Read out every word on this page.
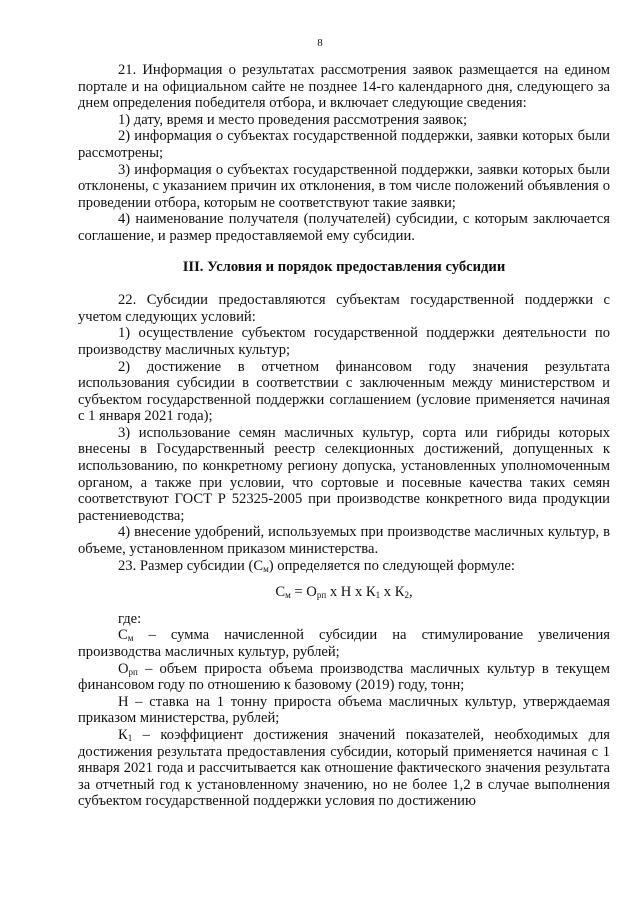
8

21. Информация о результатах рассмотрения заявок размещается на едином портале и на официальном сайте не позднее 14-го календарного дня, следующего за днем определения победителя отбора, и включает следующие сведения:

1) дату, время и место проведения рассмотрения заявок;

2) информация о субъектах государственной поддержки, заявки которых были рассмотрены;

3) информация о субъектах государственной поддержки, заявки которых были отклонены, с указанием причин их отклонения, в том числе положений объявления о проведении отбора, которым не соответствуют такие заявки;

4) наименование получателя (получателей) субсидии, с которым заключается соглашение, и размер предоставляемой ему субсидии.

III. Условия и порядок предоставления субсидии

22. Субсидии предоставляются субъектам государственной поддержки с учетом следующих условий:

1) осуществление субъектом государственной поддержки деятельности по производству масличных культур;

2) достижение в отчетном финансовом году значения результата использования субсидии в соответствии с заключенным между министерством и субъектом государственной поддержки соглашением (условие применяется начиная с 1 января 2021 года);

3) использование семян масличных культур, сорта или гибриды которых внесены в Государственный реестр селекционных достижений, допущенных к использованию, по конкретному региону допуска, установленных уполномоченным органом, а также при условии, что сортовые и посевные качества таких семян соответствуют ГОСТ Р 52325-2005 при производстве конкретного вида продукции растениеводства;

4) внесение удобрений, используемых при производстве масличных культур, в объеме, установленном приказом министерства.

23. Размер субсидии $(С_м)$ определяется по следующей формуле:

$С_м = О_{рп}$ х Н х $К_1$ х $К_2$,

где:

$С_м$ – сумма начисленной субсидии на стимулирование увеличения производства масличных культур, рублей;

$О_{рп}$ – объем прироста объема производства масличных культур в текущем финансовом году по отношению к базовому (2019) году, тонн;

Н – ставка на 1 тонну прироста объема масличных культур, утверждаемая приказом министерства, рублей;

$К_1$ – коэффициент достижения значений показателей, необходимых для достижения результата предоставления субсидии, который применяется начиная с 1 января 2021 года и рассчитывается как отношение фактического значения результата за отчетный год к установленному значению, но не более 1,2 в случае выполнения субъектом государственной поддержки условия по достижению
